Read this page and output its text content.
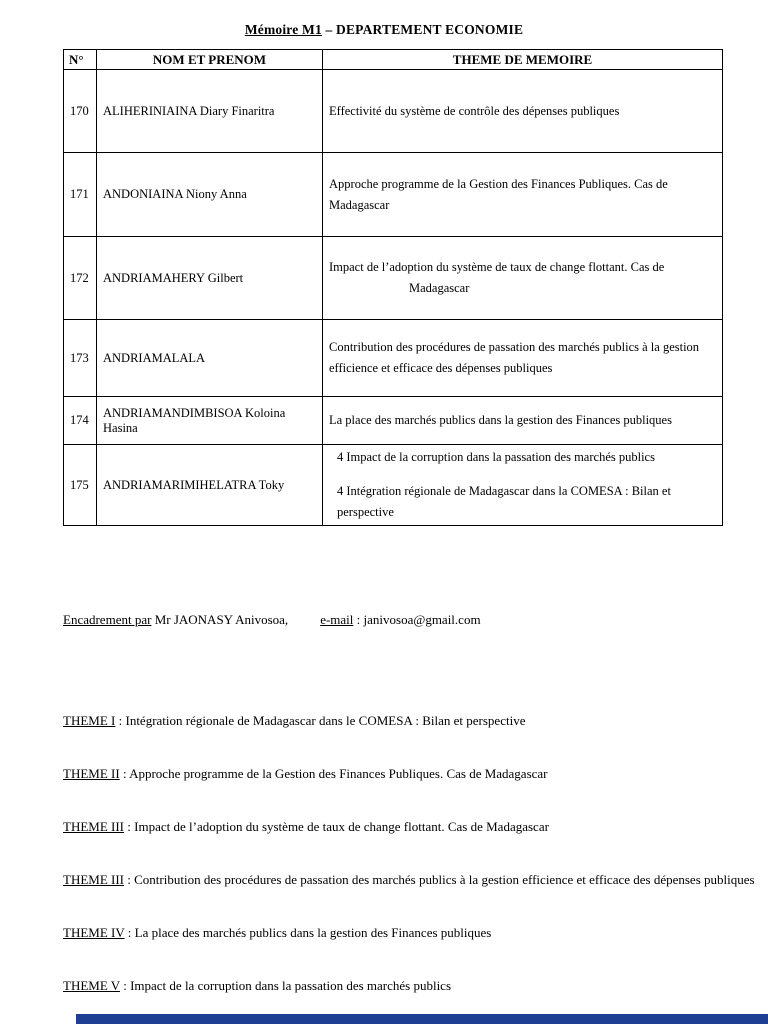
Mémoire M1 – DEPARTEMENT ECONOMIE
N°	NOM ET PRENOM	THEME DE MEMOIRE
170	ALIHERINIAINA Diary Finaritra	Effectivité du système de contrôle des dépenses publiques

171	ANDONIAINA Niony Anna	Approche programme de la Gestion des Finances Publiques. Cas de Madagascar

172	ANDRIAMAHERY Gilbert	Impact de l’adoption du système de taux de change flottant. Cas de
Madagascar

173	ANDRIAMALALA	Contribution des procédures de passation des marchés publics à la gestion efficience et efficace des dépenses publiques

174	ANDRIAMANDIMBISOA Koloina Hasina	La place des marchés publics dans la gestion des Finances publiques

175	ANDRIAMARIMIHELATRA Toky	4 Impact de la corruption dans la passation des marchés publics
4 Intégration régionale de Madagascar dans la COMESA : Bilan et perspective
Encadrement par Mr JAONASY Anivosoa, e-mail : janivosoa@gmail.com
THEME I : Intégration régionale de Madagascar dans le COMESA : Bilan et perspective
THEME II : Approche programme de la Gestion des Finances Publiques. Cas de Madagascar
THEME III : Impact de l’adoption du système de taux de change flottant. Cas de Madagascar
THEME III : Contribution des procédures de passation des marchés publics à la gestion efficience et efficace des dépenses publiques
THEME IV : La place des marchés publics dans la gestion des Finances publiques
THEME V : Impact de la corruption dans la passation des marchés publics
